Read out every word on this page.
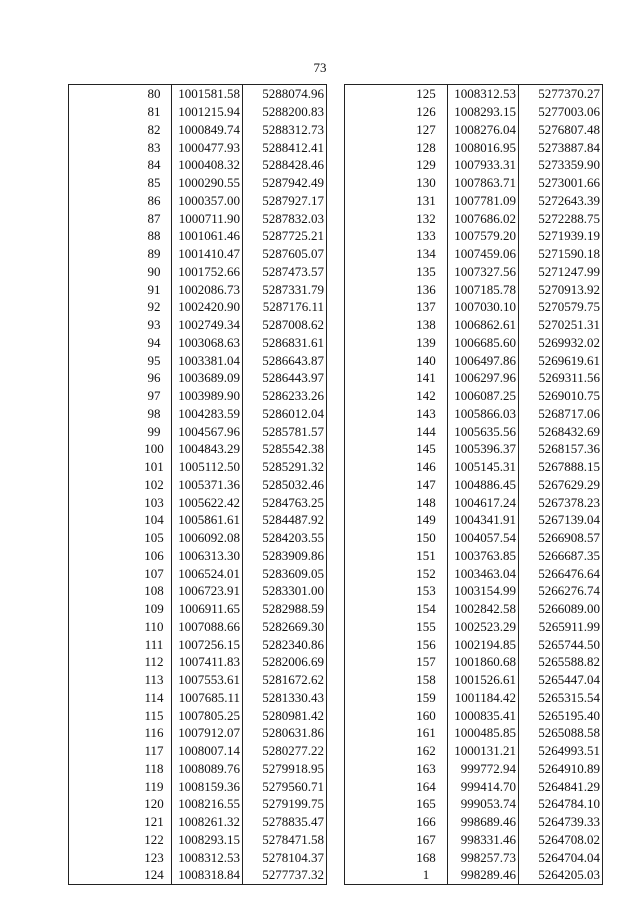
73
	80	1001581.58	5288074.96
	81	1001215.94	5288200.83
	82	1000849.74	5288312.73
	83	1000477.93	5288412.41
	84	1000408.32	5288428.46
	85	1000290.55	5287942.49
	86	1000357.00	5287927.17
	87	1000711.90	5287832.03
	88	1001061.46	5287725.21
	89	1001410.47	5287605.07
	90	1001752.66	5287473.57
	91	1002086.73	5287331.79
	92	1002420.90	5287176.11
	93	1002749.34	5287008.62
	94	1003068.63	5286831.61
	95	1003381.04	5286643.87
	96	1003689.09	5286443.97
	97	1003989.90	5286233.26
	98	1004283.59	5286012.04
	99	1004567.96	5285781.57
	100	1004843.29	5285542.38
	101	1005112.50	5285291.32
	102	1005371.36	5285032.46
	103	1005622.42	5284763.25
	104	1005861.61	5284487.92
	105	1006092.08	5284203.55
	106	1006313.30	5283909.86
	107	1006524.01	5283609.05
	108	1006723.91	5283301.00
	109	1006911.65	5282988.59
	110	1007088.66	5282669.30
	111	1007256.15	5282340.86
	112	1007411.83	5282006.69
	113	1007553.61	5281672.62
	114	1007685.11	5281330.43
	115	1007805.25	5280981.42
	116	1007912.07	5280631.86
	117	1008007.14	5280277.22
	118	1008089.76	5279918.95
	119	1008159.36	5279560.71
	120	1008216.55	5279199.75
	121	1008261.32	5278835.47
	122	1008293.15	5278471.58
	123	1008312.53	5278104.37
	124	1008318.84	5277737.32
	125	1008312.53	5277370.27
	126	1008293.15	5277003.06
	127	1008276.04	5276807.48
	128	1008016.95	5273887.84
	129	1007933.31	5273359.90
	130	1007863.71	5273001.66
	131	1007781.09	5272643.39
	132	1007686.02	5272288.75
	133	1007579.20	5271939.19
	134	1007459.06	5271590.18
	135	1007327.56	5271247.99
	136	1007185.78	5270913.92
	137	1007030.10	5270579.75
	138	1006862.61	5270251.31
	139	1006685.60	5269932.02
	140	1006497.86	5269619.61
	141	1006297.96	5269311.56
	142	1006087.25	5269010.75
	143	1005866.03	5268717.06
	144	1005635.56	5268432.69
	145	1005396.37	5268157.36
	146	1005145.31	5267888.15
	147	1004886.45	5267629.29
	148	1004617.24	5267378.23
	149	1004341.91	5267139.04
	150	1004057.54	5266908.57
	151	1003763.85	5266687.35
	152	1003463.04	5266476.64
	153	1003154.99	5266276.74
	154	1002842.58	5266089.00
	155	1002523.29	5265911.99
	156	1002194.85	5265744.50
	157	1001860.68	5265588.82
	158	1001526.61	5265447.04
	159	1001184.42	5265315.54
	160	1000835.41	5265195.40
	161	1000485.85	5265088.58
	162	1000131.21	5264993.51
	163	999772.94	5264910.89
	164	999414.70	5264841.29
	165	999053.74	5264784.10
	166	998689.46	5264739.33
	167	998331.46	5264708.02
	168	998257.73	5264704.04
	1	998289.46	5264205.03
